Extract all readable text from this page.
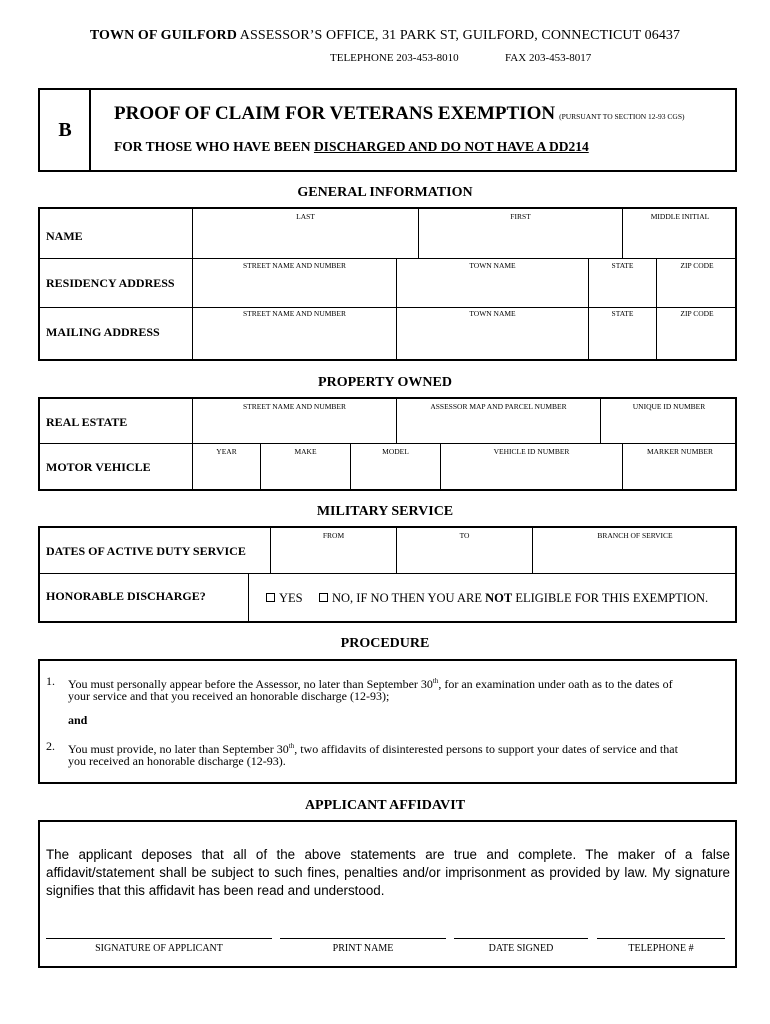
TOWN OF GUILFORD ASSESSOR’S OFFICE, 31 PARK ST, GUILFORD, CONNECTICUT 06437
TELEPHONE 203-453-8010	FAX 203-453-8017
B
PROOF OF CLAIM FOR VETERANS EXEMPTION (PURSUANT TO SECTION 12-93 CGS)
FOR THOSE WHO HAVE BEEN DISCHARGED AND DO NOT HAVE A DD214
GENERAL INFORMATION
NAME
LAST	FIRST	MIDDLE INITIAL
RESIDENCY ADDRESS
STREET NAME AND NUMBER	TOWN NAME	STATE	ZIP CODE
MAILING ADDRESS
STREET NAME AND NUMBER	TOWN NAME	STATE	ZIP CODE
PROPERTY OWNED
REAL ESTATE
STREET NAME AND NUMBER	ASSESSOR MAP AND PARCEL NUMBER	UNIQUE ID NUMBER
MOTOR VEHICLE
YEAR	MAKE	MODEL	VEHICLE ID NUMBER	MARKER NUMBER
MILITARY SERVICE
DATES OF ACTIVE DUTY SERVICE
FROM	TO	BRANCH OF SERVICE
HONORABLE DISCHARGE?	YES	NO, IF NO THEN YOU ARE NOT ELIGIBLE FOR THIS EXEMPTION.
PROCEDURE
1. You must personally appear before the Assessor, no later than September 30th, for an examination under oath as to the dates of
your service and that you received an honorable discharge (12-93);
and
2. You must provide, no later than September 30th, two affidavits of disinterested persons to support your dates of service and that
you received an honorable discharge (12-93).
APPLICANT AFFIDAVIT
The applicant deposes that all of the above statements are true and complete. The maker of a false affidavit/statement shall be subject to such fines, penalties and/or imprisonment as provided by law. My signature signifies that this affidavit has been read and understood.
SIGNATURE OF APPLICANT	PRINT NAME	DATE SIGNED	TELEPHONE #
